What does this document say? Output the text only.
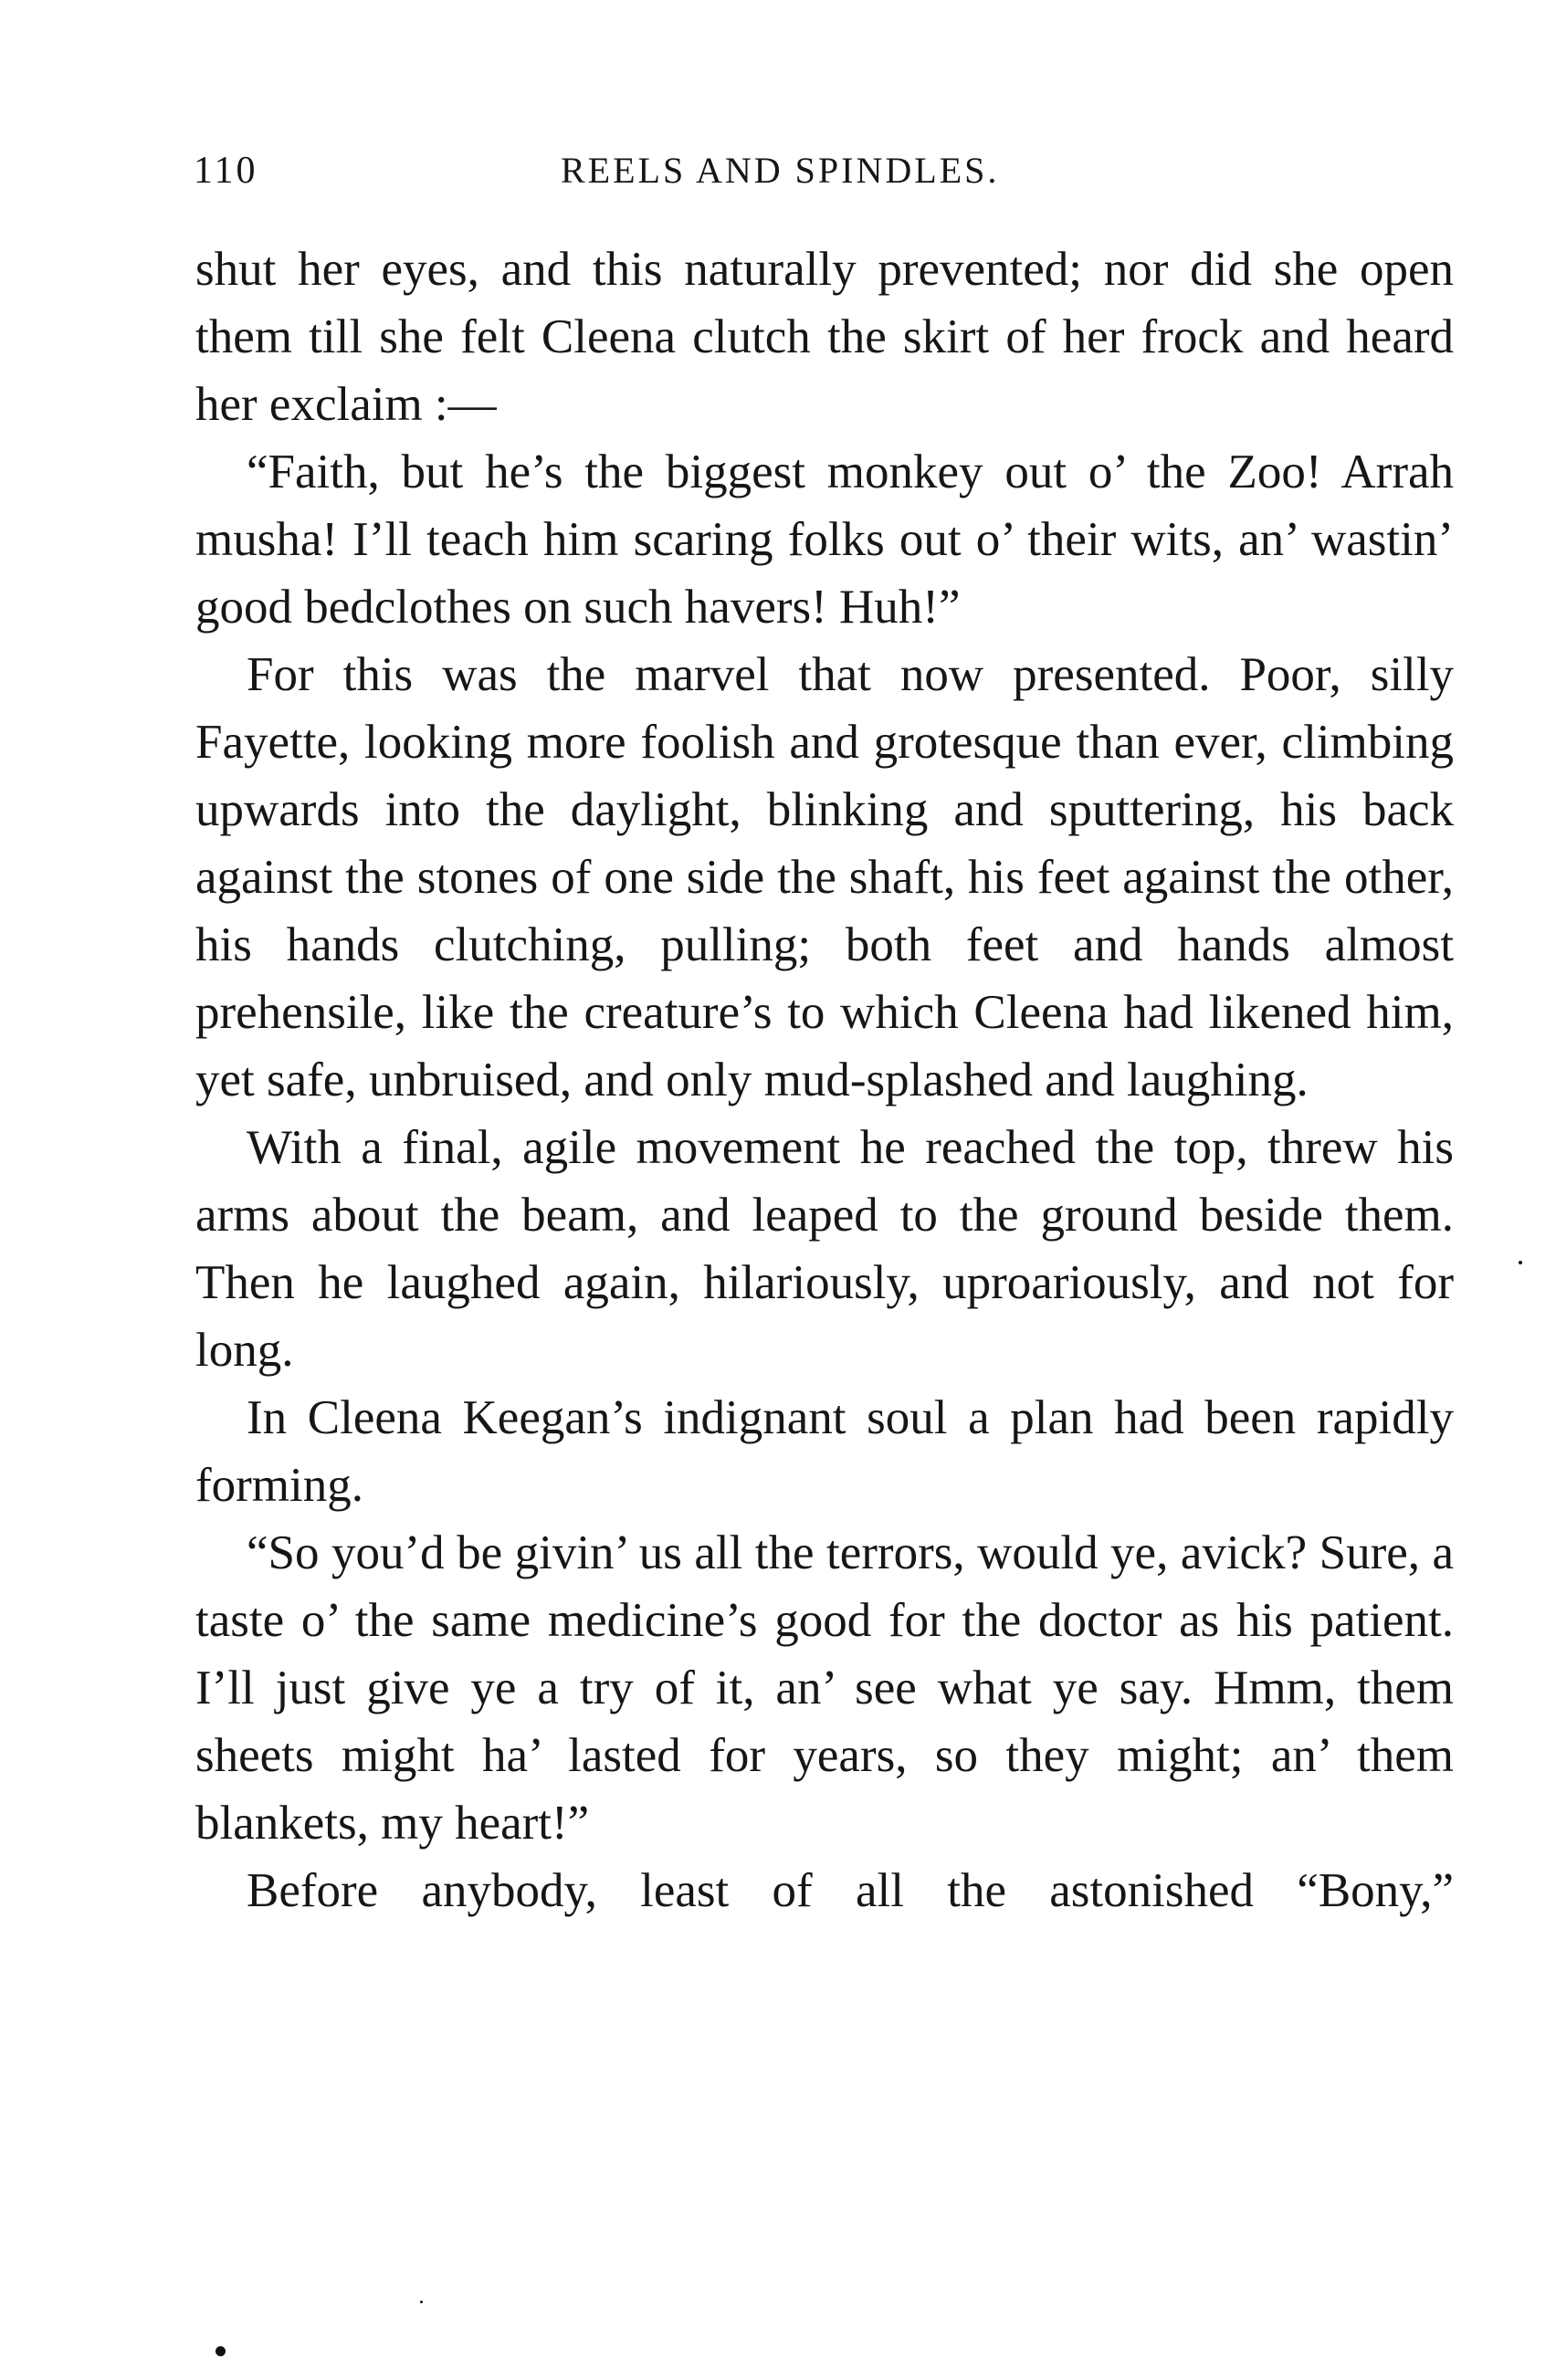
110	REELS AND SPINDLES.

shut her eyes, and this naturally prevented; nor did she open them till she felt Cleena clutch the skirt of her frock and heard her exclaim :—

“Faith, but he’s the biggest monkey out o’ the Zoo! Arrah musha! I’ll teach him scaring folks out o’ their wits, an’ wastin’ good bedclothes on such havers! Huh!”

For this was the marvel that now presented. Poor, silly Fayette, looking more foolish and grotesque than ever, climbing upwards into the daylight, blinking and sputtering, his back against the stones of one side the shaft, his feet against the other, his hands clutching, pulling; both feet and hands almost prehensile, like the creature’s to which Cleena had likened him, yet safe, unbruised, and only mud-splashed and laughing.

With a final, agile movement he reached the top, threw his arms about the beam, and leaped to the ground beside them. Then he laughed again, hilariously, uproariously, and not for long.

In Cleena Keegan’s indignant soul a plan had been rapidly forming.

“So you’d be givin’ us all the terrors, would ye, avick? Sure, a taste o’ the same medicine’s good for the doctor as his patient. I’ll just give ye a try of it, an’ see what ye say. Hmm, them sheets might ha’ lasted for years, so they might; an’ them blankets, my heart!”

Before anybody, least of all the astonished “Bony,”
